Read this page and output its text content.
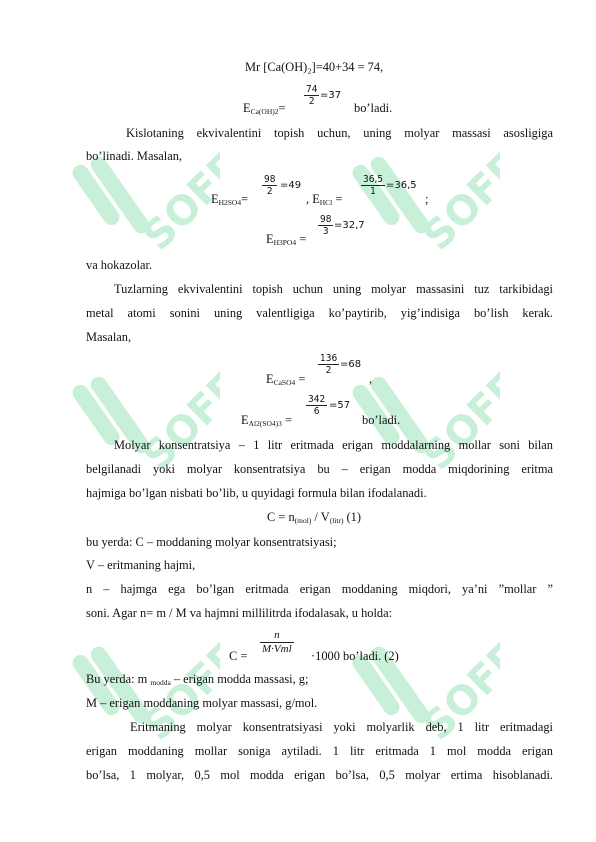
SOFF	SOFF
SOFF	SOFF
SOFF	SOFF
Mr [Ca(OH)₂]=40+34 = 74,
$E_{Ca(OH)2}=$
$\frac{74}{2} =37$
bo’ladi.
Kislotaning ekvivalentini topish uchun, uning molyar massasi asosligiga
bo’linadi. Masalan,
$E_{H2SO4}=$
$\frac{98}{2} =49$
, $E_{HCl}$ =
$\frac{36,5}{1} =36,5$
;
$E_{H3PO4}$ =
$\frac{98}{3} =32,7$
va hokazolar.
Tuzlarning ekvivalentini topish uchun uning molyar massasini tuz tarkibidagi
metal atomi sonini uning valentligiga ko’paytirib, yig’indisiga bo’lish kerak.
Masalan,
$E_{CaSO4}$ =
$\frac{136}{2} =68$
,
$E_{Al2(SO4)3}$ =
$\frac{342}{6} =57$
bo’ladi.
Molyar konsentratsiya – 1 litr eritmada erigan moddalarning mollar soni bilan
belgilanadi yoki molyar konsentratsiya bu – erigan modda miqdorining eritma
hajmiga bo’lgan nisbati bo’lib, u quyidagi formula bilan ifodalanadi.
$C = n_{(mol)} / V_{(litr)}$ (1)
bu yerda: C – moddaning molyar konsentratsiyasi;
V – eritmaning hajmi,
n – hajmga ega bo’lgan eritmada erigan moddaning miqdori, ya’ni ”mollar ”
soni. Agar n= m / M va hajmni millilitrda ifodalasak, u holda:
C =
n
M·Vml ·1000 bo’ladi. (2)
Bu yerda: m $_{modda}$ – erigan modda massasi, g;
M – erigan moddaning molyar massasi, g/mol.
Eritmaning molyar konsentratsiyasi yoki molyarlik deb, 1 litr eritmadagi
erigan moddaning mollar soniga aytiladi. 1 litr eritmada 1 mol modda erigan
bo’lsa, 1 molyar, 0,5 mol modda erigan bo’lsa, 0,5 molyar ertima hisoblanadi.
